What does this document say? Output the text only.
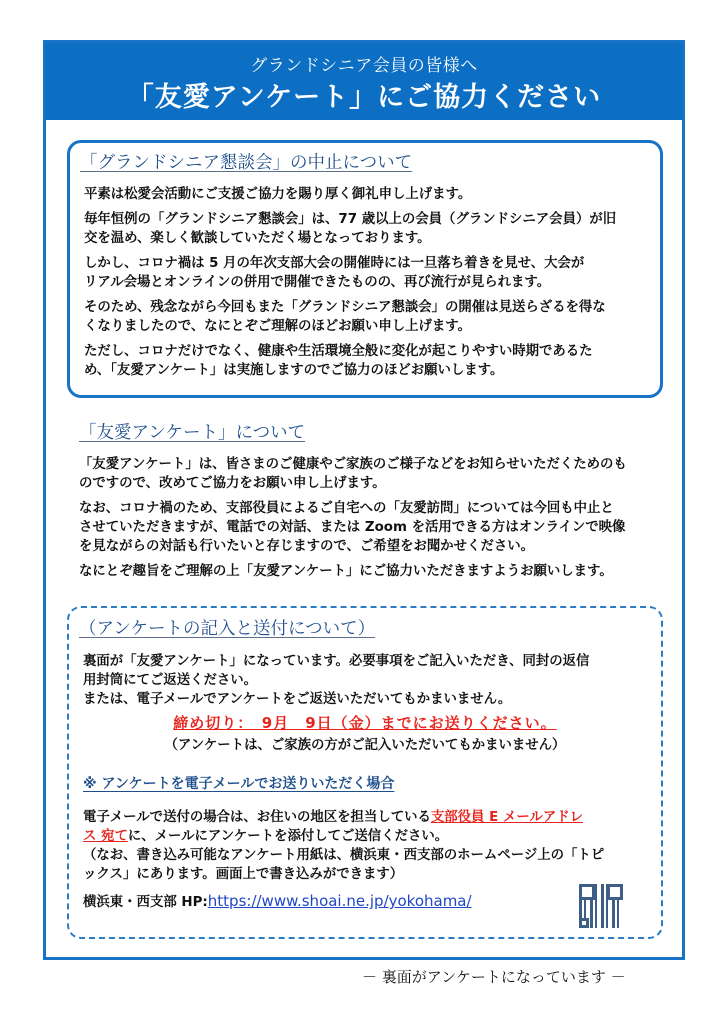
グランドシニア会員の皆様へ
「友愛アンケート」にご協力ください
「グランドシニア懇談会」の中止について
平素は松愛会活動にご支援ご協力を賜り厚く御礼申し上げます。
毎年恒例の「グランドシニア懇談会」は、77 歳以上の会員（グランドシニア会員）が旧
交を温め、楽しく歓談していただく場となっております。
しかし、コロナ禍は 5 月の年次支部大会の開催時には一旦落ち着きを見せ、大会が
リアル会場とオンラインの併用で開催できたものの、再び流行が見られます。
そのため、残念ながら今回もまた「グランドシニア懇談会」の開催は見送らざるを得な
くなりましたので、なにとぞご理解のほどお願い申し上げます。
ただし、コロナだけでなく、健康や生活環境全般に変化が起こりやすい時期であるた
め、「友愛アンケート」は実施しますのでご協力のほどお願いします。
「友愛アンケート」について
「友愛アンケート」は、皆さまのご健康やご家族のご様子などをお知らせいただくためのも
のですので、改めてご協力をお願い申し上げます。
なお、コロナ禍のため、支部役員によるご自宅への「友愛訪問」については今回も中止と
させていただきますが、電話での対話、または Zoom を活用できる方はオンラインで映像
を見ながらの対話も行いたいと存じますので、ご希望をお聞かせください。
なにとぞ趣旨をご理解の上「友愛アンケート」にご協力いただきますようお願いします。
（アンケートの記入と送付について）
裏面が「友愛アンケート」になっています。必要事項をご記入いただき、同封の返信
用封筒にてご返送ください。
または、電子メールでアンケートをご返送いただいてもかまいません。
締め切り：　9月　9日（金）までにお送りください。
（アンケートは、ご家族の方がご記入いただいてもかまいません）
※ アンケートを電子メールでお送りいただく場合
電子メールで送付の場合は、お住いの地区を担当している支部役員 E メールアドレ
ス 宛てに、メールにアンケートを添付してご送信ください。
（なお、書き込み可能なアンケート用紙は、横浜東・西支部のホームページ上の「トピ
ックス」にあります。画面上で書き込みができます）
横浜東・西支部 HP:https://www.shoai.ne.jp/yokohama/
－ 裏面がアンケートになっています －
